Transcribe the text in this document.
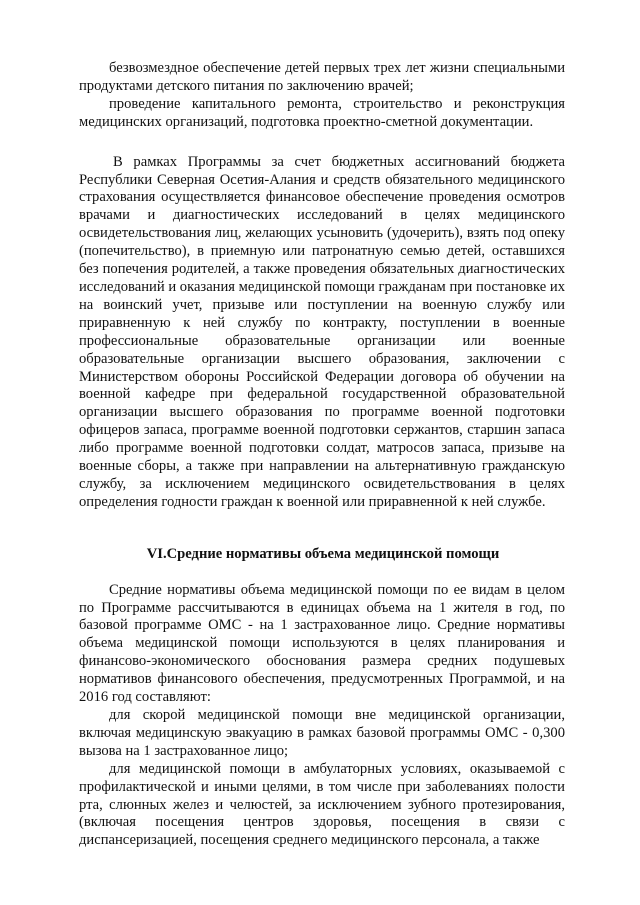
безвозмездное обеспечение детей первых трех лет жизни специальными продуктами детского питания по заключению врачей;

проведение капитального ремонта, строительство и реконструкция медицинских организаций, подготовка проектно-сметной документации.

В рамках Программы за счет бюджетных ассигнований бюджета Республики Северная Осетия-Алания и средств обязательного медицинского страхования осуществляется финансовое обеспечение проведения осмотров врачами и диагностических исследований в целях медицинского освидетельствования лиц, желающих усыновить (удочерить), взять под опеку (попечительство), в приемную или патронатную семью детей, оставшихся без попечения родителей, а также проведения обязательных диагностических исследований и оказания медицинской помощи гражданам при постановке их на воинский учет, призыве или поступлении на военную службу или приравненную к ней службу по контракту, поступлении в военные профессиональные образовательные организации или военные образовательные организации высшего образования, заключении с Министерством обороны Российской Федерации договора об обучении на военной кафедре при федеральной государственной образовательной организации высшего образования по программе военной подготовки офицеров запаса, программе военной подготовки сержантов, старшин запаса либо программе военной подготовки солдат, матросов запаса, призыве на военные сборы, а также при направлении на альтернативную гражданскую службу, за исключением медицинского освидетельствования в целях определения годности граждан к военной или приравненной к ней службе.

VI.Средние нормативы объема медицинской помощи

Средние нормативы объема медицинской помощи по ее видам в целом по Программе рассчитываются в единицах объема на 1 жителя в год, по базовой программе ОМС - на 1 застрахованное лицо. Средние нормативы объема медицинской помощи используются в целях планирования и финансово-экономического обоснования размера средних подушевых нормативов финансового обеспечения, предусмотренных Программой, и на 2016 год составляют:

для скорой медицинской помощи вне медицинской организации, включая медицинскую эвакуацию в рамках базовой программы ОМС - 0,300 вызова на 1 застрахованное лицо;

для медицинской помощи в амбулаторных условиях, оказываемой с профилактической и иными целями, в том числе при заболеваниях полости рта, слюнных желез и челюстей, за исключением зубного протезирования, (включая посещения центров здоровья, посещения в связи с диспансеризацией, посещения среднего медицинского персонала, а также
